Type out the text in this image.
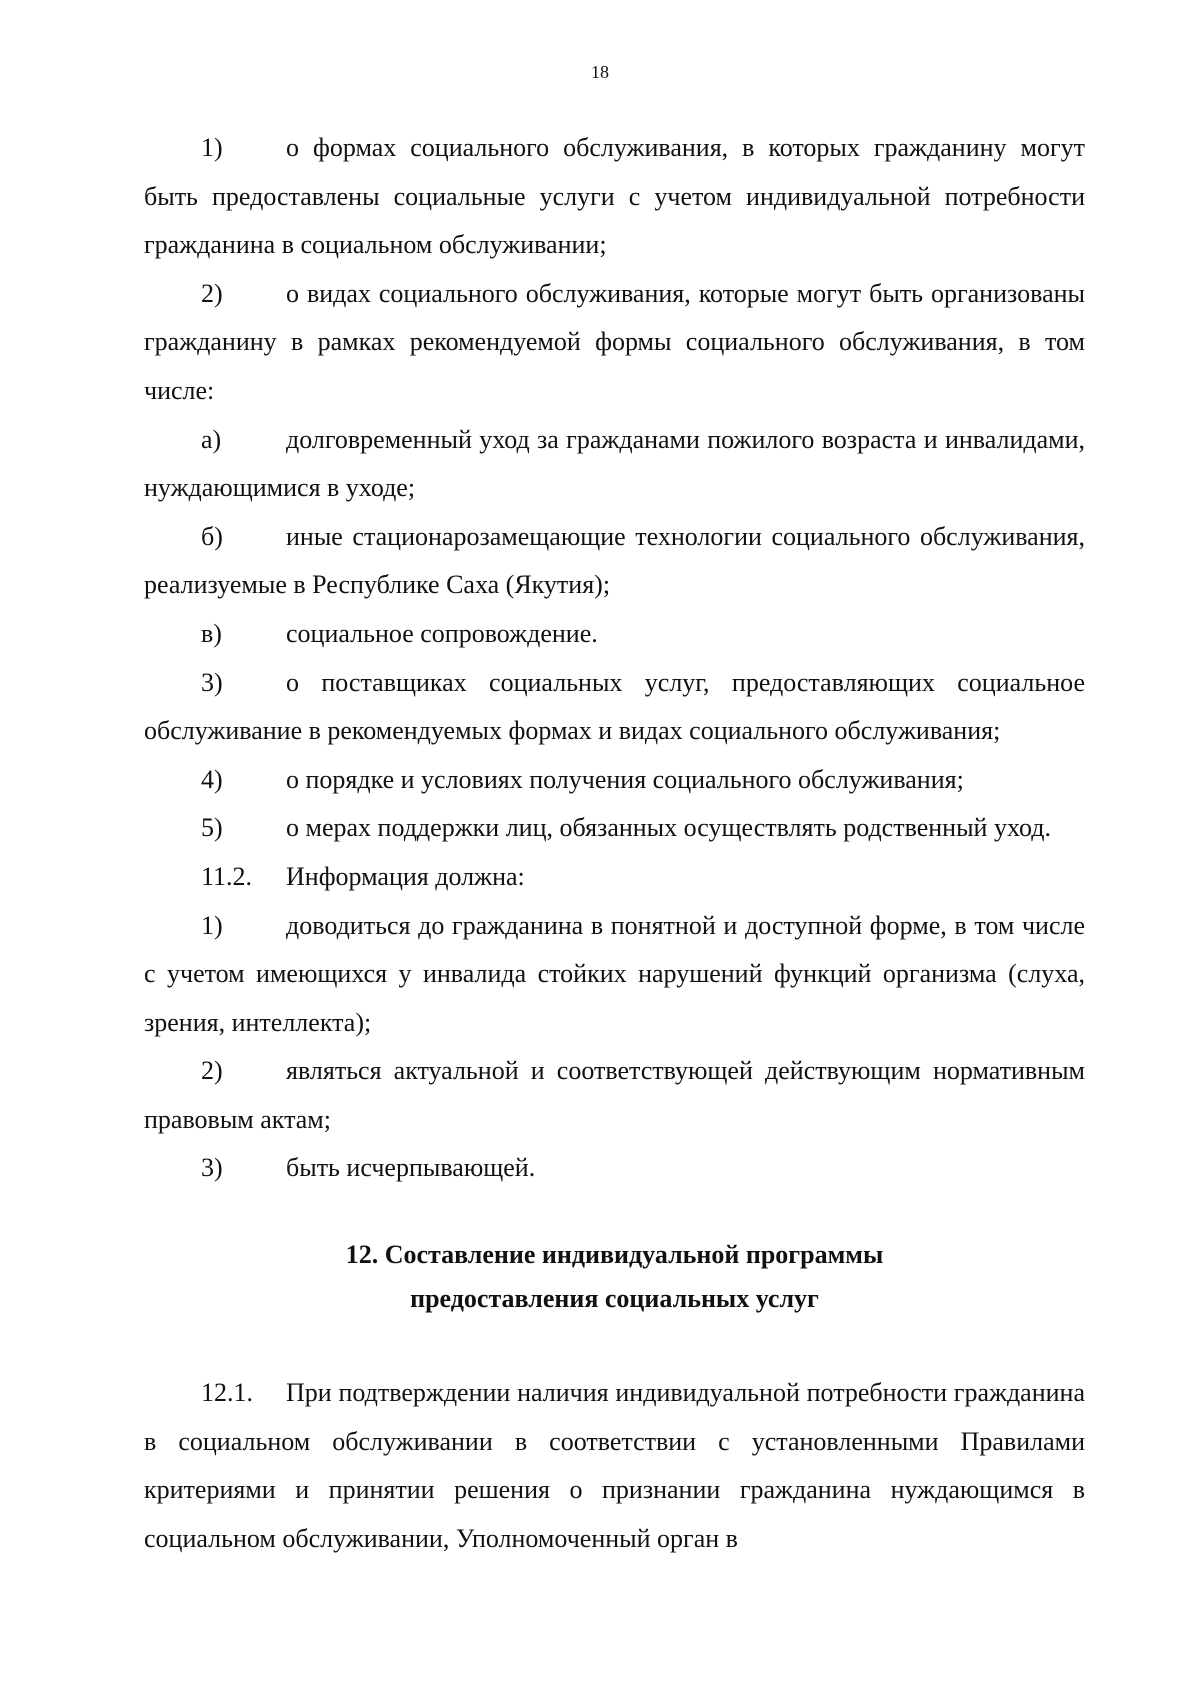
18

1) о формах социального обслуживания, в которых гражданину могут быть предоставлены социальные услуги с учетом индивидуальной потребности гражданина в социальном обслуживании;

2) о видах социального обслуживания, которые могут быть организованы гражданину в рамках рекомендуемой формы социального обслуживания, в том числе:

а) долговременный уход за гражданами пожилого возраста и инвалидами, нуждающимися в уходе;

б) иные стационарозамещающие технологии социального обслуживания, реализуемые в Республике Саха (Якутия);

в) социальное сопровождение.

3) о поставщиках социальных услуг, предоставляющих социальное обслуживание в рекомендуемых формах и видах социального обслуживания;

4) о порядке и условиях получения социального обслуживания;

5) о мерах поддержки лиц, обязанных осуществлять родственный уход.

11.2. Информация должна:

1) доводиться до гражданина в понятной и доступной форме, в том числе с учетом имеющихся у инвалида стойких нарушений функций организма (слуха, зрения, интеллекта);

2) являться актуальной и соответствующей действующим нормативным правовым актам;

3) быть исчерпывающей.

12. Составление индивидуальной программы
предоставления социальных услуг

12.1. При подтверждении наличия индивидуальной потребности гражданина в социальном обслуживании в соответствии с установленными Правилами критериями и принятии решения о признании гражданина нуждающимся в социальном обслуживании, Уполномоченный орган в
